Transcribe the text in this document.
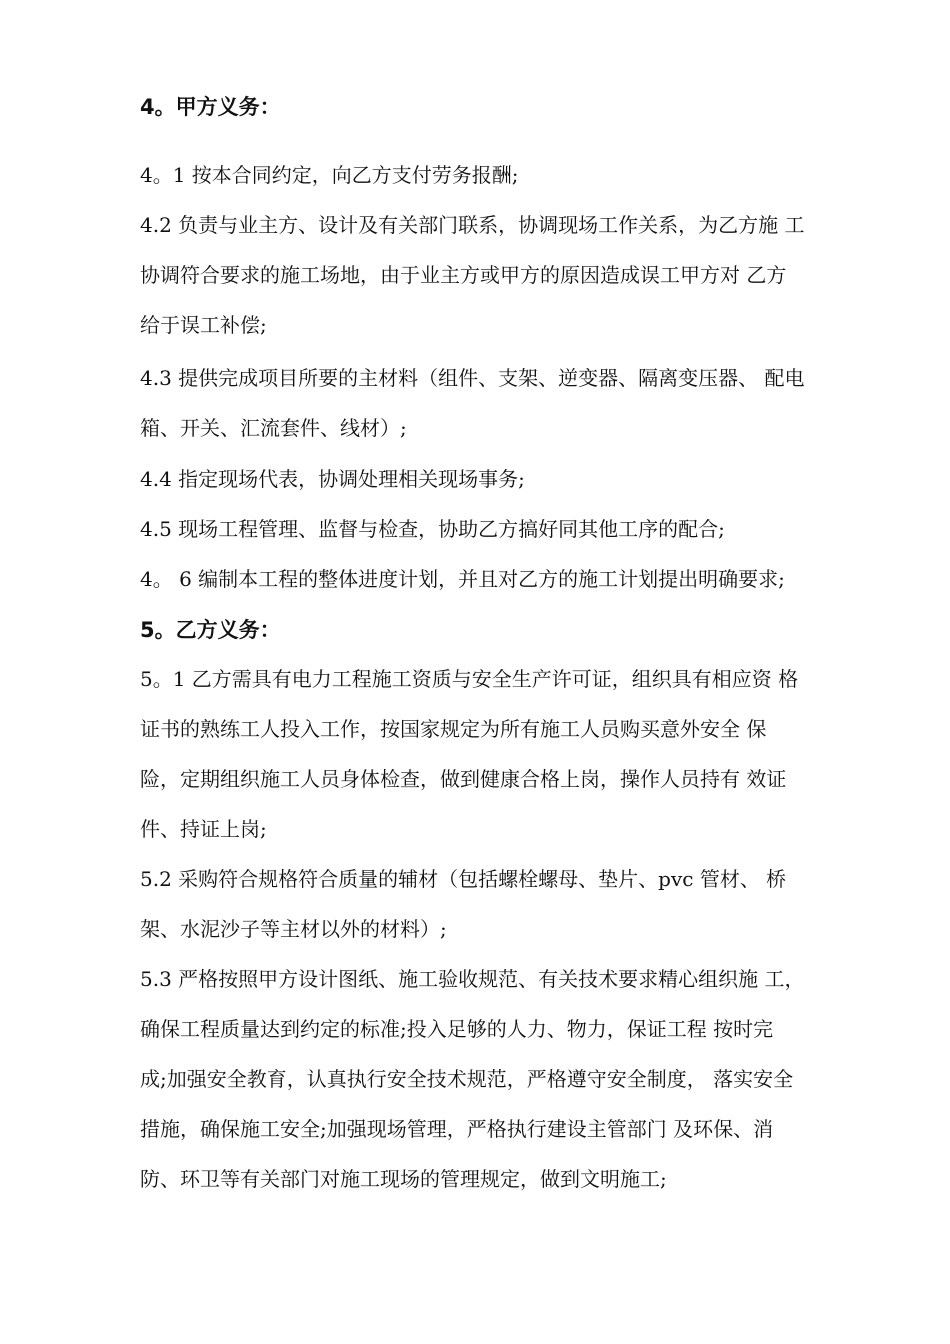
4。甲方义务：
4。1 按本合同约定，向乙方支付劳务报酬;
4.2 负责与业主方、设计及有关部门联系，协调现场工作关系，为乙方施 工
协调符合要求的施工场地，由于业主方或甲方的原因造成误工甲方对 乙方
给于误工补偿;
4.3 提供完成项目所要的主材料（组件、支架、逆变器、隔离变压器、 配电
箱、开关、汇流套件、线材）;
4.4 指定现场代表，协调处理相关现场事务;
4.5 现场工程管理、监督与检查，协助乙方搞好同其他工序的配合;
4。 6 编制本工程的整体进度计划，并且对乙方的施工计划提出明确要求;
5。乙方义务：
5。1 乙方需具有电力工程施工资质与安全生产许可证，组织具有相应资 格
证书的熟练工人投入工作，按国家规定为所有施工人员购买意外安全 保
险，定期组织施工人员身体检查，做到健康合格上岗，操作人员持有 效证
件、持证上岗;
5.2 采购符合规格符合质量的辅材（包括螺栓螺母、垫片、pvc 管材、 桥
架、水泥沙子等主材以外的材料）;
5.3 严格按照甲方设计图纸、施工验收规范、有关技术要求精心组织施 工，
确保工程质量达到约定的标准;投入足够的人力、物力，保证工程 按时完
成;加强安全教育，认真执行安全技术规范，严格遵守安全制度， 落实安全
措施，确保施工安全;加强现场管理，严格执行建设主管部门 及环保、消
防、环卫等有关部门对施工现场的管理规定，做到文明施工;
